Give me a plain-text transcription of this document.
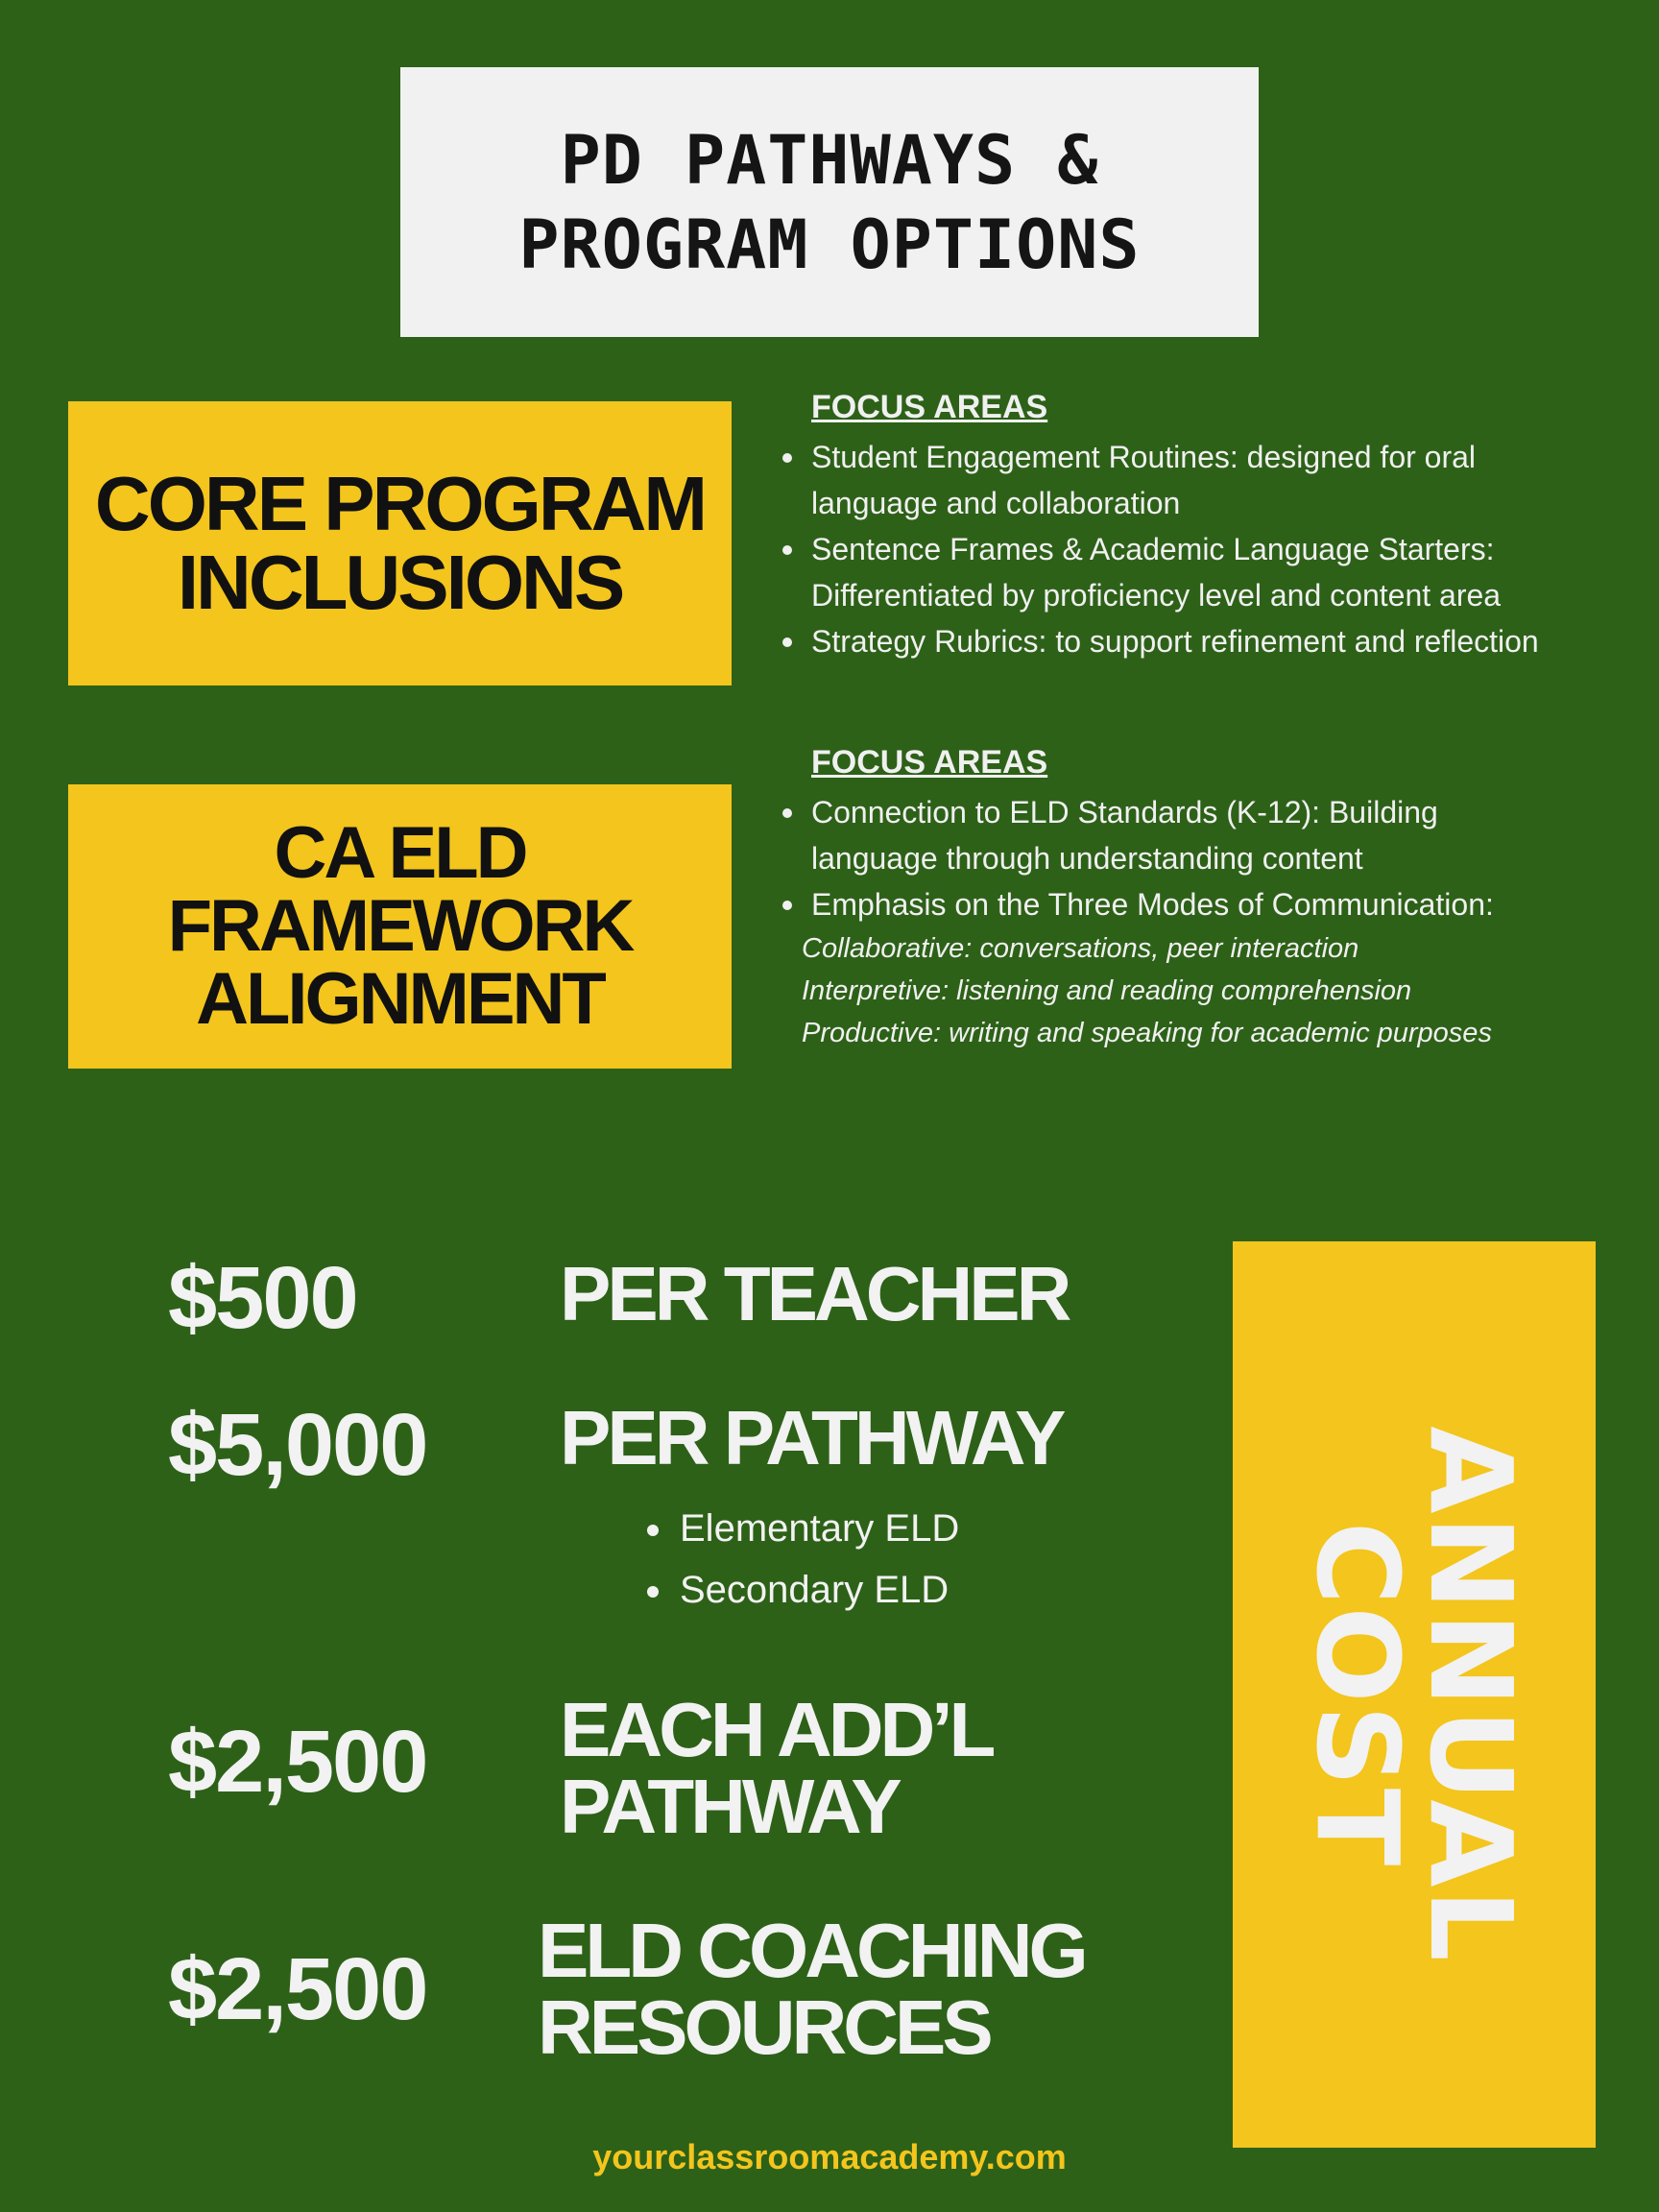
PD PATHWAYS &
PROGRAM OPTIONS
CORE PROGRAM
INCLUSIONS
FOCUS AREAS
Student Engagement Routines: designed for oral
language and collaboration
Sentence Frames & Academic Language Starters:
Differentiated by proficiency level and content area
Strategy Rubrics: to support refinement and reflection
CA ELD
FRAMEWORK
ALIGNMENT
FOCUS AREAS
Connection to ELD Standards (K-12): Building
language through understanding content
Emphasis on the Three Modes of Communication:
Collaborative: conversations, peer interaction
Interpretive: listening and reading comprehension
Productive: writing and speaking for academic purposes
$500	PER TEACHER
$5,000 PER PATHWAY
Elementary ELD
Secondary ELD
$2,500 EACH ADD’L
PATHWAY
$2,500 ELD COACHING
RESOURCES
ANNUAL
COST
yourclassroomacademy.com
